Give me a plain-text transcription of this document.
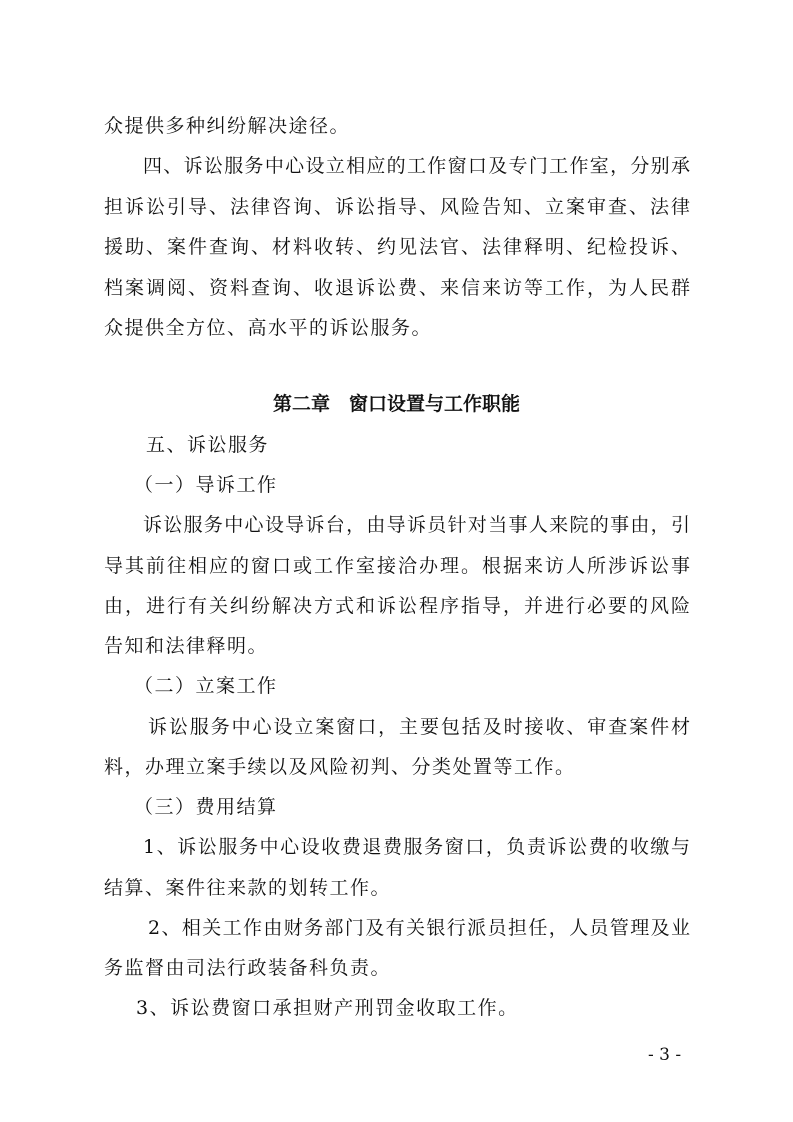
众提供多种纠纷解决途径。
四、诉讼服务中心设立相应的工作窗口及专门工作室，分别承
担诉讼引导、法律咨询、诉讼指导、风险告知、立案审查、法律
援助、案件查询、材料收转、约见法官、法律释明、纪检投诉、
档案调阅、资料查询、收退诉讼费、来信来访等工作，为人民群
众提供全方位、高水平的诉讼服务。
第二章　窗口设置与工作职能
五、诉讼服务
（一）导诉工作
诉讼服务中心设导诉台，由导诉员针对当事人来院的事由，引
导其前往相应的窗口或工作室接洽办理。根据来访人所涉诉讼事
由，进行有关纠纷解决方式和诉讼程序指导，并进行必要的风险
告知和法律释明。
（二）立案工作
诉讼服务中心设立案窗口，主要包括及时接收、审查案件材
料，办理立案手续以及风险初判、分类处置等工作。
（三）费用结算
1、诉讼服务中心设收费退费服务窗口，负责诉讼费的收缴与
结算、案件往来款的划转工作。
2、相关工作由财务部门及有关银行派员担任，人员管理及业
务监督由司法行政装备科负责。
3、诉讼费窗口承担财产刑罚金收取工作。
- 3 -
